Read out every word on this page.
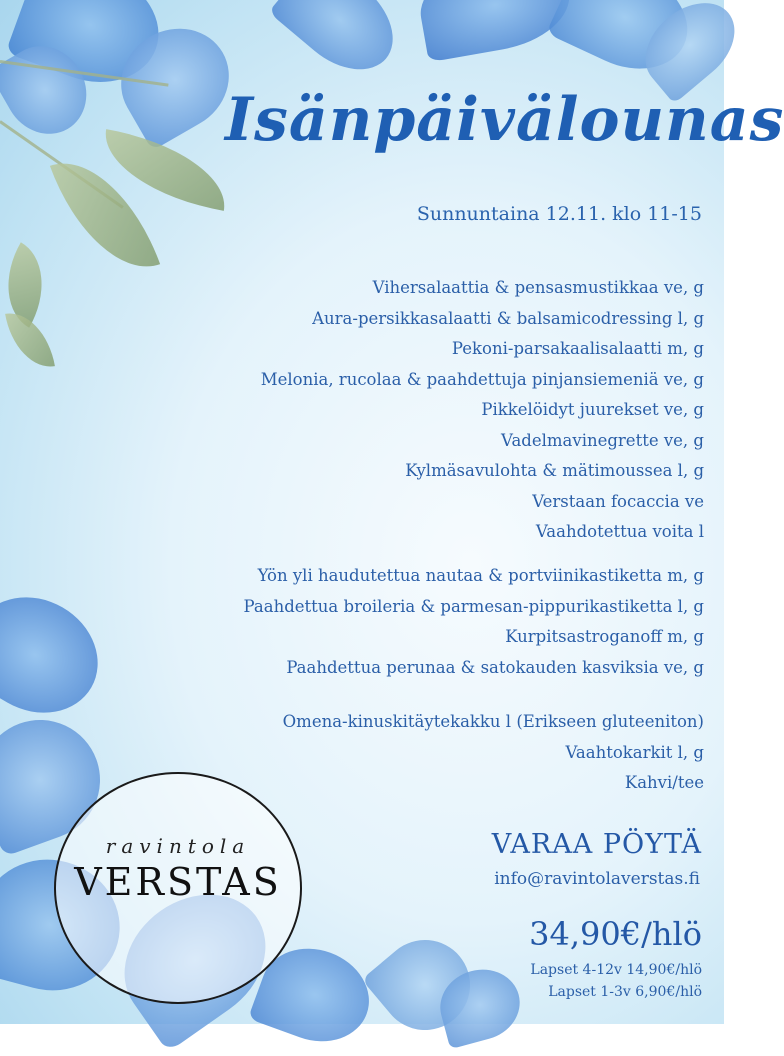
Isänpäivälounas
Sunnuntaina 12.11. klo 11-15
Vihersalaattia & pensasmustikkaa ve, g
Aura-persikkasalaatti & balsamicodressing l, g
Pekoni-parsakaalisalaatti m, g
Melonia, rucolaa & paahdettuja pinjansiemeniä ve, g
Pikkelöidyt juurekset ve, g
Vadelmavinegrette ve, g
Kylmäsavulohta & mätimoussea l, g
Verstaan focaccia ve
Vaahdotettua voita l
Yön yli haudutettua nautaa & portviinikastiketta m, g
Paahdettua broileria & parmesan-pippurikastiketta l, g
Kurpitsastroganoff m, g
Paahdettua perunaa & satokauden kasviksia ve, g
Omena-kinuskitäytekakku l (Erikseen gluteeniton)
Vaahtokarkit l, g
Kahvi/tee
VARAA PÖYTÄ
info@ravintolaverstas.fi
34,90€/hlö
Lapset 4-12v 14,90€/hlö
Lapset 1-3v 6,90€/hlö
ravintola
VERSTAS
